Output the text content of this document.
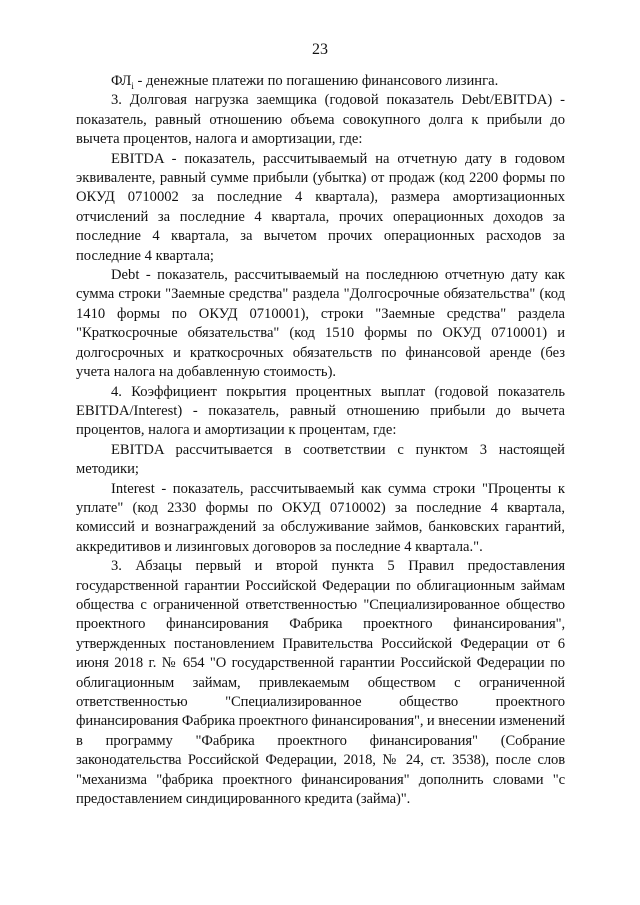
23

$ФЛ_i$ - денежные платежи по погашению финансового лизинга.

3. Долговая нагрузка заемщика (годовой показатель Debt/EBITDA) - показатель, равный отношению объема совокупного долга к прибыли до вычета процентов, налога и амортизации, где:

EBITDA - показатель, рассчитываемый на отчетную дату в годовом эквиваленте, равный сумме прибыли (убытка) от продаж (код 2200 формы по ОКУД 0710002 за последние 4 квартала), размера амортизационных отчислений за последние 4 квартала, прочих операционных доходов за последние 4 квартала, за вычетом прочих операционных расходов за последние 4 квартала;

Debt - показатель, рассчитываемый на последнюю отчетную дату как сумма строки "Заемные средства" раздела "Долгосрочные обязательства" (код 1410 формы по ОКУД 0710001), строки "Заемные средства" раздела "Краткосрочные обязательства" (код 1510 формы по ОКУД 0710001) и долгосрочных и краткосрочных обязательств по финансовой аренде (без учета налога на добавленную стоимость).

4. Коэффициент покрытия процентных выплат (годовой показатель EBITDA/Interest) - показатель, равный отношению прибыли до вычета процентов, налога и амортизации к процентам, где:

EBITDA рассчитывается в соответствии с пунктом 3 настоящей методики;

Interest - показатель, рассчитываемый как сумма строки "Проценты к уплате" (код 2330 формы по ОКУД 0710002) за последние 4 квартала, комиссий и вознаграждений за обслуживание займов, банковских гарантий, аккредитивов и лизинговых договоров за последние 4 квартала.".

3. Абзацы первый и второй пункта 5 Правил предоставления государственной гарантии Российской Федерации по облигационным займам общества с ограниченной ответственностью "Специализированное общество проектного финансирования Фабрика проектного финансирования", утвержденных постановлением Правительства Российской Федерации от 6 июня 2018 г. № 654 "О государственной гарантии Российской Федерации по облигационным займам, привлекаемым обществом с ограниченной ответственностью "Специализированное общество проектного финансирования Фабрика проектного финансирования", и внесении изменений в программу "Фабрика проектного финансирования" (Собрание законодательства Российской Федерации, 2018, № 24, ст. 3538), после слов "механизма "фабрика проектного финансирования" дополнить словами "с предоставлением синдицированного кредита (займа)".
